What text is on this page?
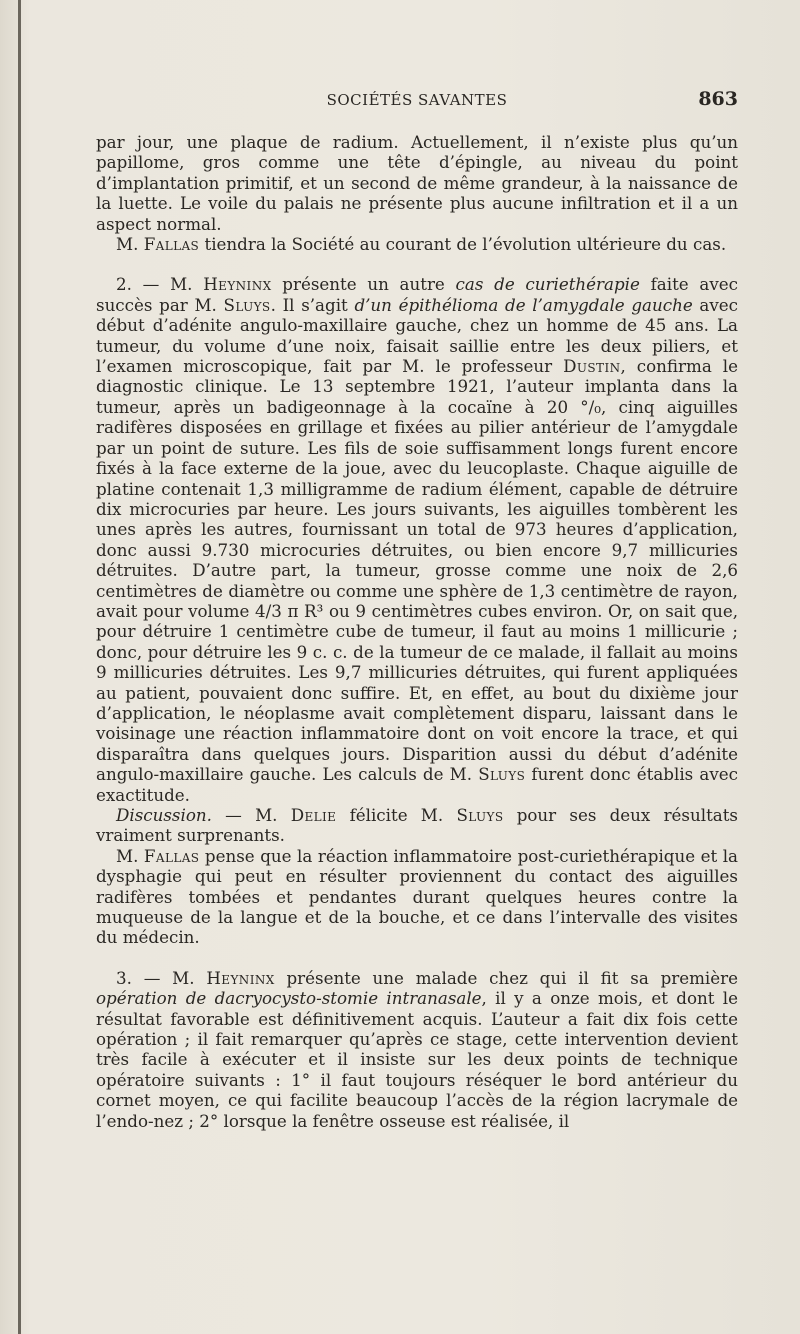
SOCIÉTÉS SAVANTES	863

par jour, une plaque de radium. Actuellement, il n’existe plus qu’un papillome, gros comme une tête d’épingle, au niveau du point d’implantation primitif, et un second de même grandeur, à la naissance de la luette. Le voile du palais ne présente plus aucune infiltration et il a un aspect normal.

M. Fallas tiendra la Société au courant de l’évolution ultérieure du cas.

2. — M. Heyninx présente un autre cas de curiethérapie faite avec succès par M. Sluys. Il s’agit d’un épithélioma de l’amygdale gauche avec début d’adénite angulo-maxillaire gauche, chez un homme de 45 ans. La tumeur, du volume d’une noix, faisait saillie entre les deux piliers, et l’examen microscopique, fait par M. le professeur Dustin, confirma le diagnostic clinique. Le 13 septembre 1921, l’auteur implanta dans la tumeur, après un badigeonnage à la cocaïne à 20 °/₀, cinq aiguilles radifères disposées en grillage et fixées au pilier antérieur de l’amygdale par un point de suture. Les fils de soie suffisamment longs furent encore fixés à la face externe de la joue, avec du leucoplaste. Chaque aiguille de platine contenait 1,3 milligramme de radium élément, capable de détruire dix microcuries par heure. Les jours suivants, les aiguilles tombèrent les unes après les autres, fournissant un total de 973 heures d’application, donc aussi 9.730 microcuries détruites, ou bien encore 9,7 millicuries détruites. D’autre part, la tumeur, grosse comme une noix de 2,6 centimètres de diamètre ou comme une sphère de 1,3 centimètre de rayon, avait pour volume 4/3 π R³ ou 9 centimètres cubes environ. Or, on sait que, pour détruire 1 centimètre cube de tumeur, il faut au moins 1 millicurie ; donc, pour détruire les 9 c. c. de la tumeur de ce malade, il fallait au moins 9 millicuries détruites. Les 9,7 millicuries détruites, qui furent appliquées au patient, pouvaient donc suffire. Et, en effet, au bout du dixième jour d’application, le néoplasme avait complètement disparu, laissant dans le voisinage une réaction inflammatoire dont on voit encore la trace, et qui disparaîtra dans quelques jours. Disparition aussi du début d’adénite angulo-maxillaire gauche. Les calculs de M. Sluys furent donc établis avec exactitude.

Discussion. — M. Delie félicite M. Sluys pour ses deux résultats vraiment surprenants.

M. Fallas pense que la réaction inflammatoire post-curiethérapique et la dysphagie qui peut en résulter proviennent du contact des aiguilles radifères tombées et pendantes durant quelques heures contre la muqueuse de la langue et de la bouche, et ce dans l’intervalle des visites du médecin.

3. — M. Heyninx présente une malade chez qui il fit sa première opération de dacryocysto-stomie intranasale, il y a onze mois, et dont le résultat favorable est définitivement acquis. L’auteur a fait dix fois cette opération ; il fait remarquer qu’après ce stage, cette intervention devient très facile à exécuter et il insiste sur les deux points de technique opératoire suivants : 1° il faut toujours réséquer le bord antérieur du cornet moyen, ce qui facilite beaucoup l’accès de la région lacrymale de l’endo-nez ; 2° lorsque la fenêtre osseuse est réalisée, il
